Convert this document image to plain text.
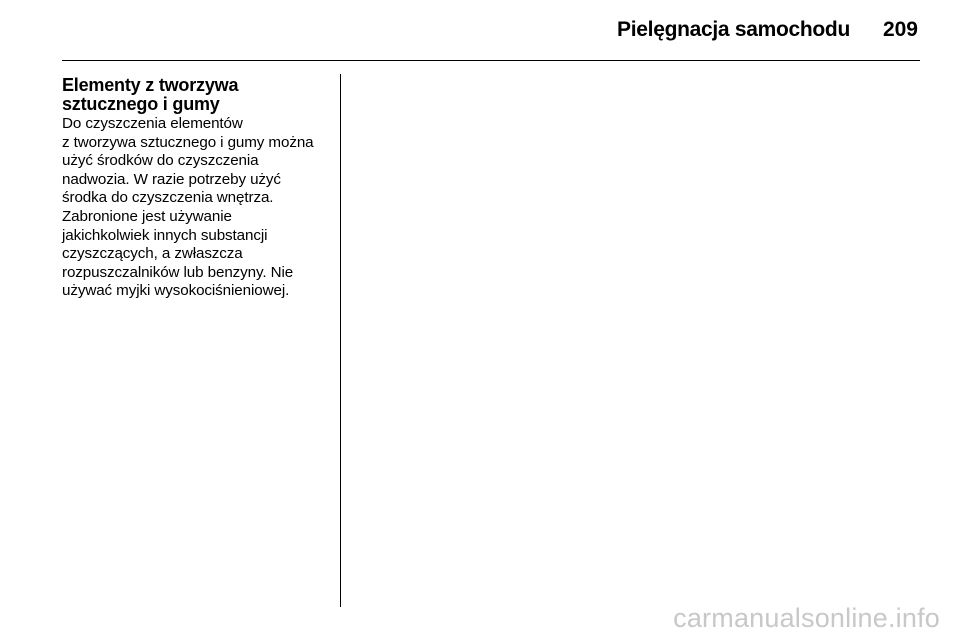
Pielęgnacja samochodu 209
Elementy z tworzywa
sztucznego i gumy

Do czyszczenia elementów
z tworzywa sztucznego i gumy można
użyć środków do czyszczenia
nadwozia. W razie potrzeby użyć
środka do czyszczenia wnętrza.
Zabronione jest używanie
jakichkolwiek innych substancji
czyszczących, a zwłaszcza
rozpuszczalników lub benzyny. Nie
używać myjki wysokociśnieniowej.

carmanualsonline.info
